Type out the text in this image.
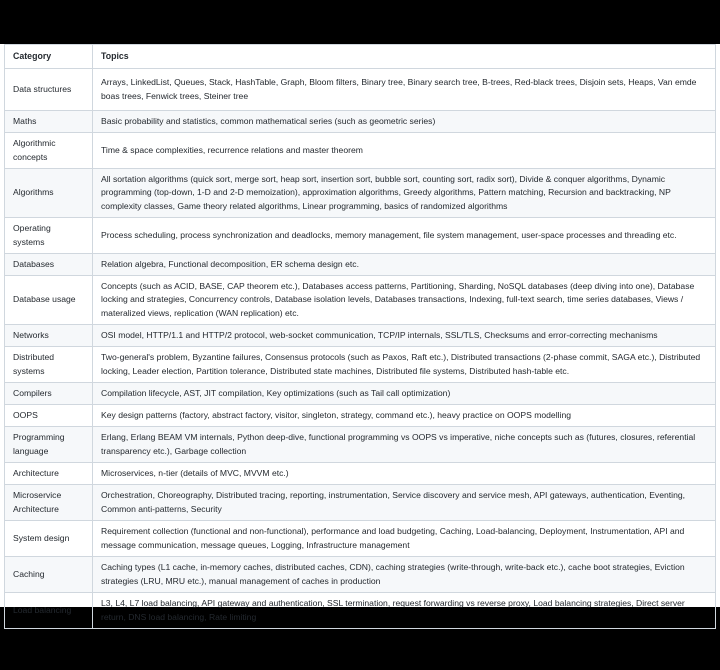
Category	Topics
Data structures	Arrays, LinkedList, Queues, Stack, HashTable, Graph, Bloom filters, Binary tree, Binary search tree, B-trees, Red-black trees, Disjoin sets, Heaps, Van emde boas trees, Fenwick trees, Steiner tree
Maths	Basic probability and statistics, common mathematical series (such as geometric series)
Algorithmic concepts	Time & space complexities, recurrence relations and master theorem
Algorithms	All sortation algorithms (quick sort, merge sort, heap sort, insertion sort, bubble sort, counting sort, radix sort), Divide & conquer algorithms, Dynamic programming (top-down, 1-D and 2-D memoization), approximation algorithms, Greedy algorithms, Pattern matching, Recursion and backtracking, NP complexity classes, Game theory related algorithms, Linear programming, basics of randomized algorithms
Operating systems	Process scheduling, process synchronization and deadlocks, memory management, file system management, user-space processes and threading etc.
Databases	Relation algebra, Functional decomposition, ER schema design etc.
Database usage	Concepts (such as ACID, BASE, CAP theorem etc.), Databases access patterns, Partitioning, Sharding, NoSQL databases (deep diving into one), Database locking and strategies, Concurrency controls, Database isolation levels, Databases transactions, Indexing, full-text search, time series databases, Views / materalized views, replication (WAN replication) etc.
Networks	OSI model, HTTP/1.1 and HTTP/2 protocol, web-socket communication, TCP/IP internals, SSL/TLS, Checksums and error-correcting mechanisms
Distributed systems	Two-general's problem, Byzantine failures, Consensus protocols (such as Paxos, Raft etc.), Distributed transactions (2-phase commit, SAGA etc.), Distributed locking, Leader election, Partition tolerance, Distributed state machines, Distributed file systems, Distributed hash-table etc.
Compilers	Compilation lifecycle, AST, JIT compilation, Key optimizations (such as Tail call optimization)
OOPS	Key design patterns (factory, abstract factory, visitor, singleton, strategy, command etc.), heavy practice on OOPS modelling
Programming language	Erlang, Erlang BEAM VM internals, Python deep-dive, functional programming vs OOPS vs imperative, niche concepts such as (futures, closures, referential transparency etc.), Garbage collection
Architecture	Microservices, n-tier (details of MVC, MVVM etc.)
Microservice Architecture	Orchestration, Choreography, Distributed tracing, reporting, instrumentation, Service discovery and service mesh, API gateways, authentication, Eventing, Common anti-patterns, Security
System design	Requirement collection (functional and non-functional), performance and load budgeting, Caching, Load-balancing, Deployment, Instrumentation, API and message communication, message queues, Logging, Infrastructure management
Caching	Caching types (L1 cache, in-memory caches, distributed caches, CDN), caching strategies (write-through, write-back etc.), cache boot strategies, Eviction strategies (LRU, MRU etc.), manual management of caches in production
Load balancing	L3, L4, L7 load balancing, API gateway and authentication, SSL termination, request forwarding vs reverse proxy, Load balancing strategies, Direct server return, DNS load balancing, Rate limiting
